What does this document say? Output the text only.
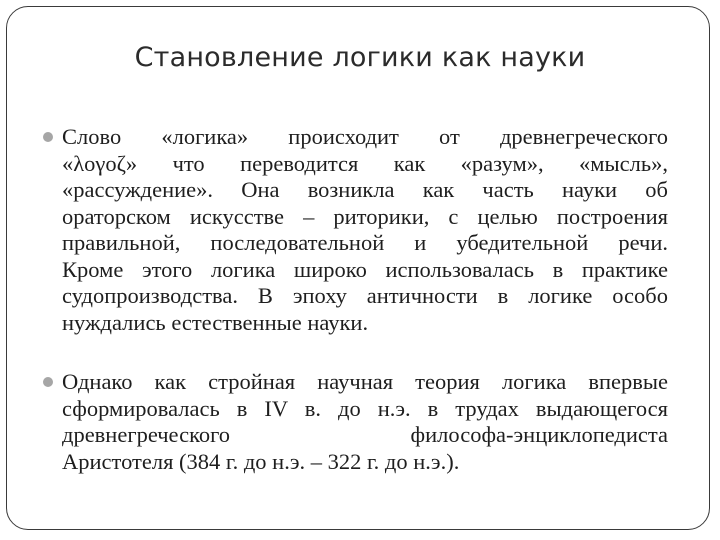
Становление логики как науки
Слово «логика» происходит от древнегреческого
«λογοζ» что переводится как «разум», «мысль»,
«рассуждение». Она возникла как часть науки об
ораторском искусстве – риторики, с целью построения
правильной, последовательной и убедительной речи.
Кроме этого логика широко использовалась в практике
судопроизводства. В эпоху античности в логике особо
нуждались естественные науки.
Однако как стройная научная теория логика впервые
сформировалась в IV в. до н.э. в трудах выдающегося
древнегреческого философа-энциклопедиста
Аристотеля (384 г. до н.э. – 322 г. до н.э.).
